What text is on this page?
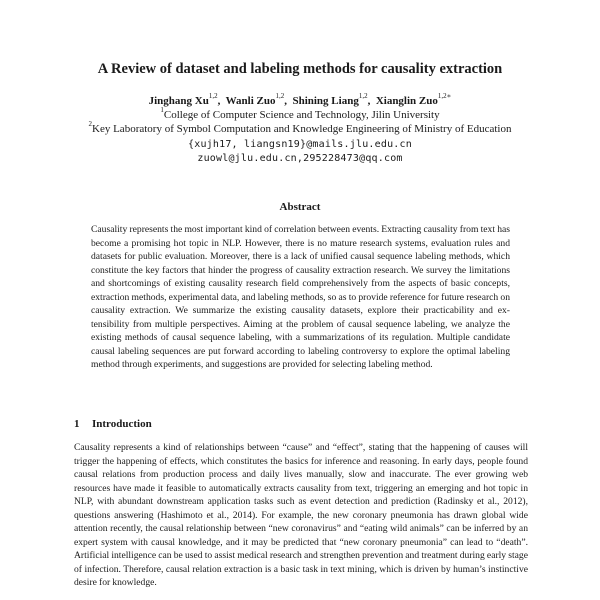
A Review of dataset and labeling methods for causality extraction
Jinghang Xu$^{1,2}$,  Wanli Zuo$^{1,2}$,  Shining Liang$^{1,2}$,  Xianglin Zuo$^{1,2∗}$
$^1$College of Computer Science and Technology, Jilin University
$^2$Key Laboratory of Symbol Computation and Knowledge Engineering of Ministry of Education
{xujh17, liangsn19}@mails.jlu.edu.cn
zuowl@jlu.edu.cn,295228473@qq.com
Abstract
Causality represents the most important kind of correlation between events. Extracting causality from text has become a promising hot topic in NLP. However, there is no mature research systems, evaluation rules and datasets for public evaluation. Moreover, there is a lack of unified causal sequence labeling methods, which constitute the key factors that hinder the progress of causality extraction research. We survey the limitations and shortcomings of existing causality research field comprehensively from the aspects of basic concepts, extraction methods, experimental data, and labeling methods, so as to provide reference for future research on causality extraction. We summarize the existing causality datasets, explore their practicability and extensibility from multiple perspectives. Aiming at the problem of causal sequence labeling, we analyze the existing methods of causal sequence labeling, with a summarizations of its regulation. Multiple candidate causal labeling sequences are put forward according to labeling controversy to explore the optimal labeling method through experiments, and suggestions are provided for selecting labeling method.
1 Introduction
Causality represents a kind of relationships between “cause” and “effect”, stating that the happening of causes will trigger the happening of effects, which constitutes the basics for inference and reasoning. In early days, people found causal relations from production process and daily lives manually, slow and inaccurate. The ever growing web resources have made it feasible to automatically extracts causality from text, triggering an emerging and hot topic in NLP, with abundant downstream application tasks such as event detection and prediction (Radinsky et al., 2012), questions answering (Hashimoto et al., 2014). For example, the new coronary pneumonia has drawn global wide attention recently, the causal relationship between “new coronavirus” and “eating wild animals” can be inferred by an expert system with causal knowledge, and it may be predicted that “new coronary pneumonia” can lead to “death”. Artificial intelligence can be used to assist medical research and strengthen prevention and treatment during early stage of infection. Therefore, causal relation extraction is a basic task in text mining, which is driven by human’s instinctive desire for knowledge.
